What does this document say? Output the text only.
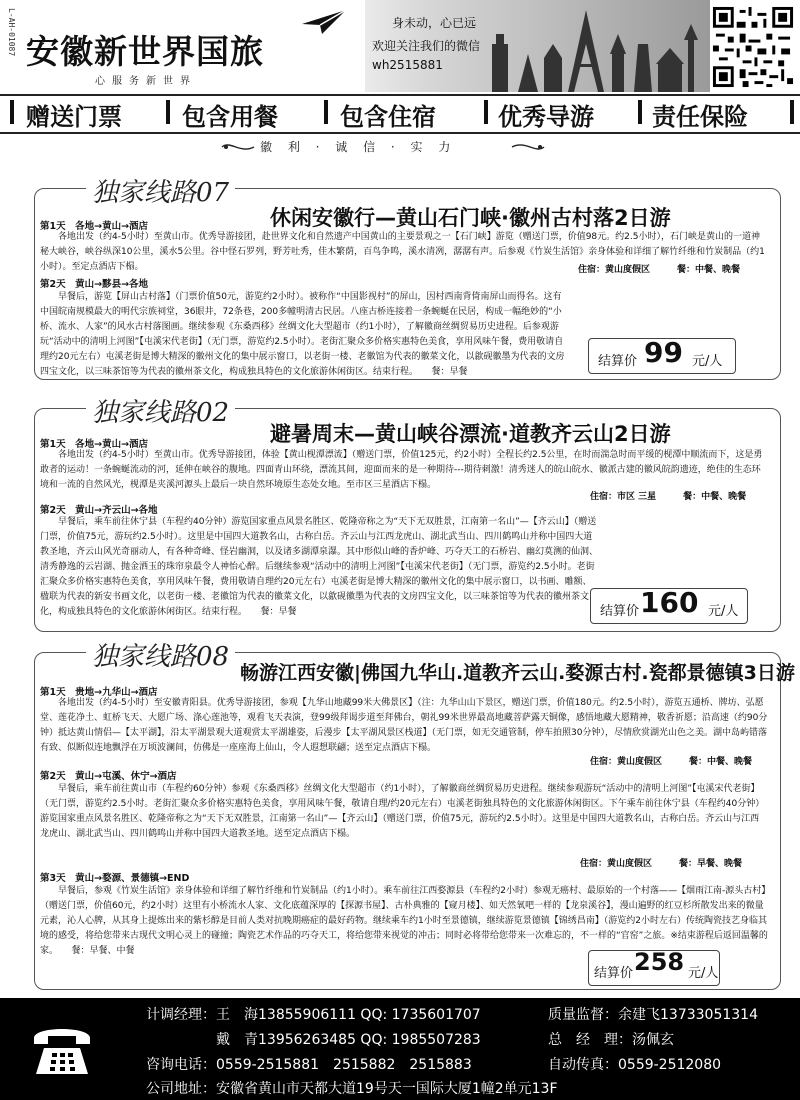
L-AH-01087 安徽新世界国旅
心服务新世界
身未动，心已远
欢迎关注我们的微信
wh2515881
赠送门票	包含用餐	包含住宿	优秀导游 责任保险
徽 利 · 诚 信 · 实 力
独家线路07
休闲安徽行—黄山石门峡·徽州古村落2日游
第1天　各地→黄山→酒店
各地出发（约4-5小时）至黄山市。优秀导游接团，赴世界文化和自然遗产中国黄山的主要景观之一【石门峡】游览（赠送门票，价值98元。约2.5小时），石门峡是黄山的一道神秘大峡谷，峡谷纵深10公里，溪水5公里。谷中怪石罗列，野芳吐秀，佳木繁荫，百鸟争鸣，溪水清冽，潺潺有声。后参观《竹炭生活馆》亲身体验和详细了解竹纤维和竹炭制品（约1小时）。至定点酒店下榻。	住宿：黄山度假区　　　餐：中餐、晚餐
第2天　黄山→黟县→各地
早餐后，游览【屏山古村落】（门票价值50元，游览约2小时）。被称作“中国影视村”的屏山，因村西南背倚南屏山而得名。这有中国皖南规模最大的明代宗族祠堂，36眼井，72条巷，200多幢明清古民居。八座古桥连接着一条蜿蜒在民居，构成一幅绝妙的“小桥、流水、人家”的风水古村落图画。继续参观《东桑西移》丝绸文化大型超市（约1小时），了解徽商丝绸贸易历史进程。后参观游玩“活动中的清明上河图”【屯溪宋代老街】（无门票，游览约2.5小时）。老街汇聚众多价格实惠特色美食，享用风味午餐，费用敬请自理约20元左右）屯溪老街是博大精深的徽州文化的集中展示窗口，以老街一楼、老徽馆为代表的徽菜文化，以歙砚徽墨为代表的文房四宝文化，以三味茶馆等为代表的徽州茶文化，构成独具特色的文化旅游休闲街区。结束行程。　　餐：早餐
结算价 99 元/人
独家线路02
避暑周末—黄山峡谷漂流·道教齐云山2日游
第1天　各地→黄山→酒店
各地出发（约4-5小时）至黄山市。优秀导游接团，体验【黄山枧潭漂流】（赠送门票，价值125元，约2小时）全程长约2.5公里，在时而湍急时而平缓的枧潭中顺流而下，这是勇敢者的运动！一条蜿蜒流动的河，延伸在峡谷的腹地。四面青山环绕，漂流其间，迎面而来的是一种期待---期待刺激！清秀迷人的皖山皖水、徽派古建的徽风皖韵遗迹，绝佳的生态环境和一流的自然风光，枧潭是夹溪河源头上最后一块自然环境原生态处女地。至市区三星酒店下榻。
住宿：市区 三星　　　餐：中餐、晚餐
第2天　黄山→齐云山→各地
早餐后，乘车前往休宁县（车程约40分钟）游览国家重点风景名胜区、乾隆帝称之为“天下无双胜景，江南第一名山”—【齐云山】（赠送门票，价值75元，游玩约2.5小时）。这里是中国四大道教名山，古称白岳。齐云山与江西龙虎山、湖北武当山、四川鹤鸣山并称中国四大道教圣地，齐云山风光奇丽动人，有各种奇峰、怪岩幽洞，以及诸多湖潭泉瀑。其中形似山峰的香炉峰、巧夺天工的石桥岩、幽幻莫测的仙洞、清秀静逸的云岩湖、抛金洒玉的珠帘泉最令人神怡心醉。后继续参观“活动中的清明上河图”【屯溪宋代老街】（无门票，游览约2.5小时。老街汇聚众多价格实惠特色美食，享用风味午餐，费用敬请自理约20元左右）屯溪老街是博大精深的徽州文化的集中展示窗口，以书画、雕额、楹联为代表的新安书画文化，以老街一楼、老徽馆为代表的徽菜文化，以歙砚徽墨为代表的文房四宝文化，以三味茶馆等为代表的徽州茶文化，构成独具特色的文化旅游休闲街区。结束行程。　　餐：早餐	结算价 160 元/人
独家线路08
畅游江西安徽|佛国九华山.道教齐云山.婺源古村.瓷都景德镇3日游
第1天　贵地→九华山→酒店
各地出发（约4-5小时）至安徽青阳县。优秀导游接团，参观【九华山地藏99米大佛景区】（注：九华山山下景区，赠送门票，价值180元。约2.5小时），游览五通桥、牌坊、弘愿堂、莲花净土、虹桥飞天、大愿广场、涤心莲池等，观看飞天表演，登99级拜谒步道至拜佛台，朝礼99米世界最高地藏菩萨露天铜像，感悟地藏大愿精神，敬香祈愿；沿高速（约90分钟）抵达黄山情侣—【太平湖】，沿太平湖景观大道观赏太平湖雄姿，后漫步【太平湖风景区栈道】（无门票，如无交通管制，停车拍照30分钟），尽情欣赏湖光山色之美。湖中岛屿错落有致、似断似连地飘浮在万顷波澜间，仿佛是一座座海上仙山，令人遐想联翩；送至定点酒店下榻。
住宿：黄山度假区　　　餐：中餐、晚餐
第2天　黄山→屯溪、休宁→酒店
早餐后，乘车前往黄山市（车程约60分钟）参观《东桑西移》丝绸文化大型超市（约1小时），了解徽商丝绸贸易历史进程。继续参观游玩“活动中的清明上河图”【屯溪宋代老街】（无门票，游览约2.5小时。老街汇聚众多价格实惠特色美食，享用风味午餐，敬请自理/约20元左右）屯溪老街独具特色的文化旅游休闲街区。下午乘车前往休宁县（车程约40分钟）游览国家重点风景名胜区、乾隆帝称之为“天下无双胜景，江南第一名山”—【齐云山】（赠送门票，价值75元，游玩约2.5小时）。这里是中国四大道教名山，古称白岳。齐云山与江西龙虎山、湖北武当山、四川鹤鸣山并称中国四大道教圣地。送至定点酒店下榻。
住宿：黄山度假区　　　餐：早餐、晚餐
第3天　黄山→婺源、景德镇→END
早餐后，参观《竹炭生活馆》亲身体验和详细了解竹纤维和竹炭制品（约1小时）。乘车前往江西婺源县（车程约2小时）参观无癌村、最原始的一个村落——【烟雨江南-源头古村】（赠送门票，价值60元，约2小时）这里有小桥流水人家、文化底蕴深厚的【探源书屋】、古朴典雅的【窥月楼】、如天然氧吧一样的【龙泉溪谷】，漫山遍野的红豆杉所散发出来的微量元素，沁人心脾，从其身上提炼出来的紫杉醇是目前人类对抗晚期癌症的最好药物。继续乘车约1小时至景德镇，继续游览景德镇【锦绣昌南】（游览约2小时左右）传统陶瓷技艺身临其境的感受，将给您带来古现代文明心灵上的碰撞；陶瓷艺术作品的巧夺天工，将给您带来视觉的冲击；同时必将带给您带来一次难忘的，不一样的“官窑”之旅。※结束游程后返回温馨的家。　　餐：早餐、中餐
结算价 258 元/人
计调经理：王　海13855906111 QQ: 1735601707
戴　青13956263485 QQ: 1985507283
质量监督：余建飞13733051314
总　经　理：汤佩玄
咨询电话：0559-2515881　2515882　2515883	自动传真：0559-2512080
公司地址：安徽省黄山市天都大道19号天一国际大厦1幢2单元13F
